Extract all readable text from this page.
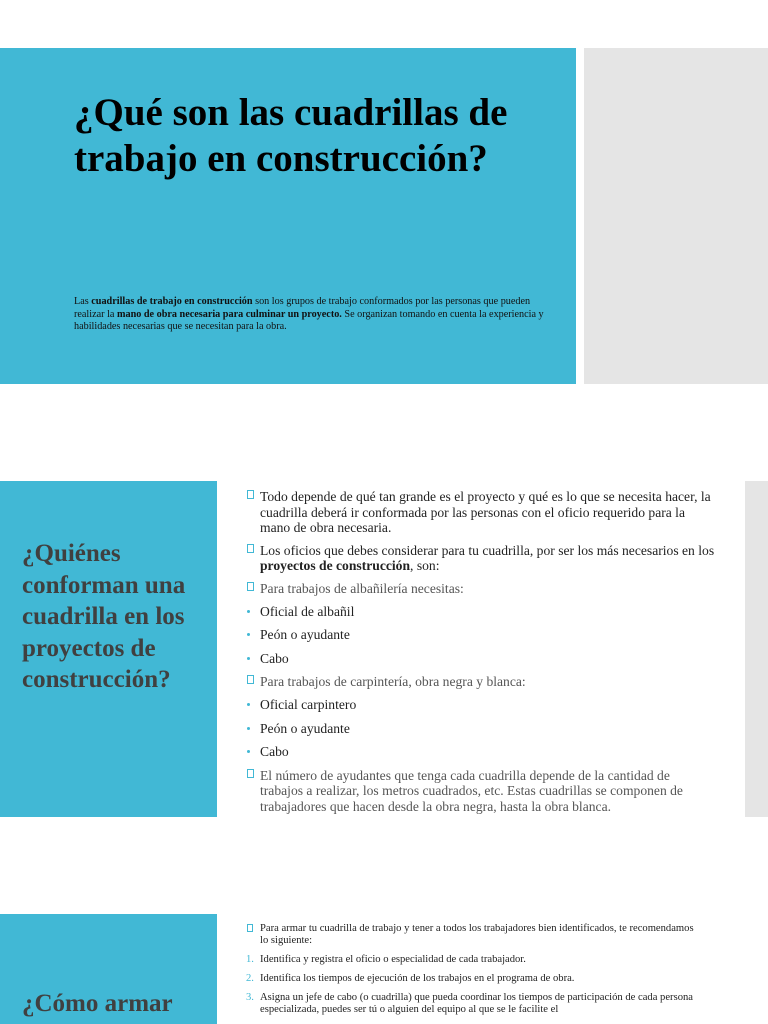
¿Qué son las cuadrillas de trabajo en construcción?

Las cuadrillas de trabajo en construcción son los grupos de trabajo conformados por las personas que pueden realizar la mano de obra necesaria para culminar un proyecto. Se organizan tomando en cuenta la experiencia y habilidades necesarias que se necesitan para la obra.

¿Quiénes conforman una cuadrilla en los proyectos de construcción?
Todo depende de qué tan grande es el proyecto y qué es lo que se necesita hacer, la cuadrilla deberá ir conformada por las personas con el oficio requerido para la mano de obra necesaria.
Los oficios que debes considerar para tu cuadrilla, por ser los más necesarios en los proyectos de construcción, son:
Para trabajos de albañilería necesitas:
Oficial de albañil
Peón o ayudante
Cabo
Para trabajos de carpintería, obra negra y blanca:
Oficial carpintero
Peón o ayudante
Cabo
El número de ayudantes que tenga cada cuadrilla depende de la cantidad de trabajos a realizar, los metros cuadrados, etc. Estas cuadrillas se componen de trabajadores que hacen desde la obra negra, hasta la obra blanca.
¿Cómo armar
Para armar tu cuadrilla de trabajo y tener a todos los trabajadores bien identificados, te recomendamos lo siguiente:
1. Identifica y registra el oficio o especialidad de cada trabajador.
2. Identifica los tiempos de ejecución de los trabajos en el programa de obra.
3. Asigna un jefe de cabo (o cuadrilla) que pueda coordinar los tiempos de participación de cada persona especializada, puedes ser tú o alguien del equipo al que se le facilite el
